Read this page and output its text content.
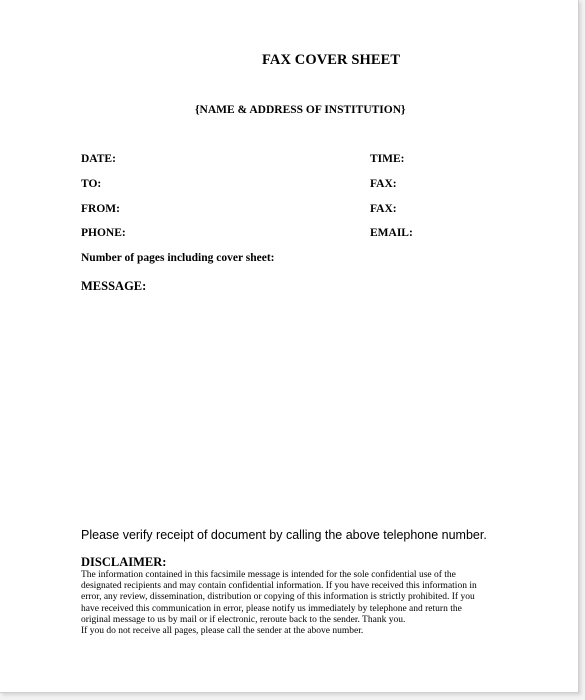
FAX COVER SHEET
{NAME & ADDRESS OF INSTITUTION}
DATE:
TO:
FROM:
PHONE:
TIME:
FAX:
FAX:
EMAIL:
Number of pages including cover sheet:
MESSAGE:
Please verify receipt of document by calling the above telephone number.
DISCLAIMER:
The information contained in this facsimile message is intended for the sole confidential use of the
designated recipients and may contain confidential information. If you have received this information in
error, any review, dissemination, distribution or copying of this information is strictly prohibited. If you
have received this communication in error, please notify us immediately by telephone and return the
original message to us by mail or if electronic, reroute back to the sender. Thank you.
If you do not receive all pages, please call the sender at the above number.
